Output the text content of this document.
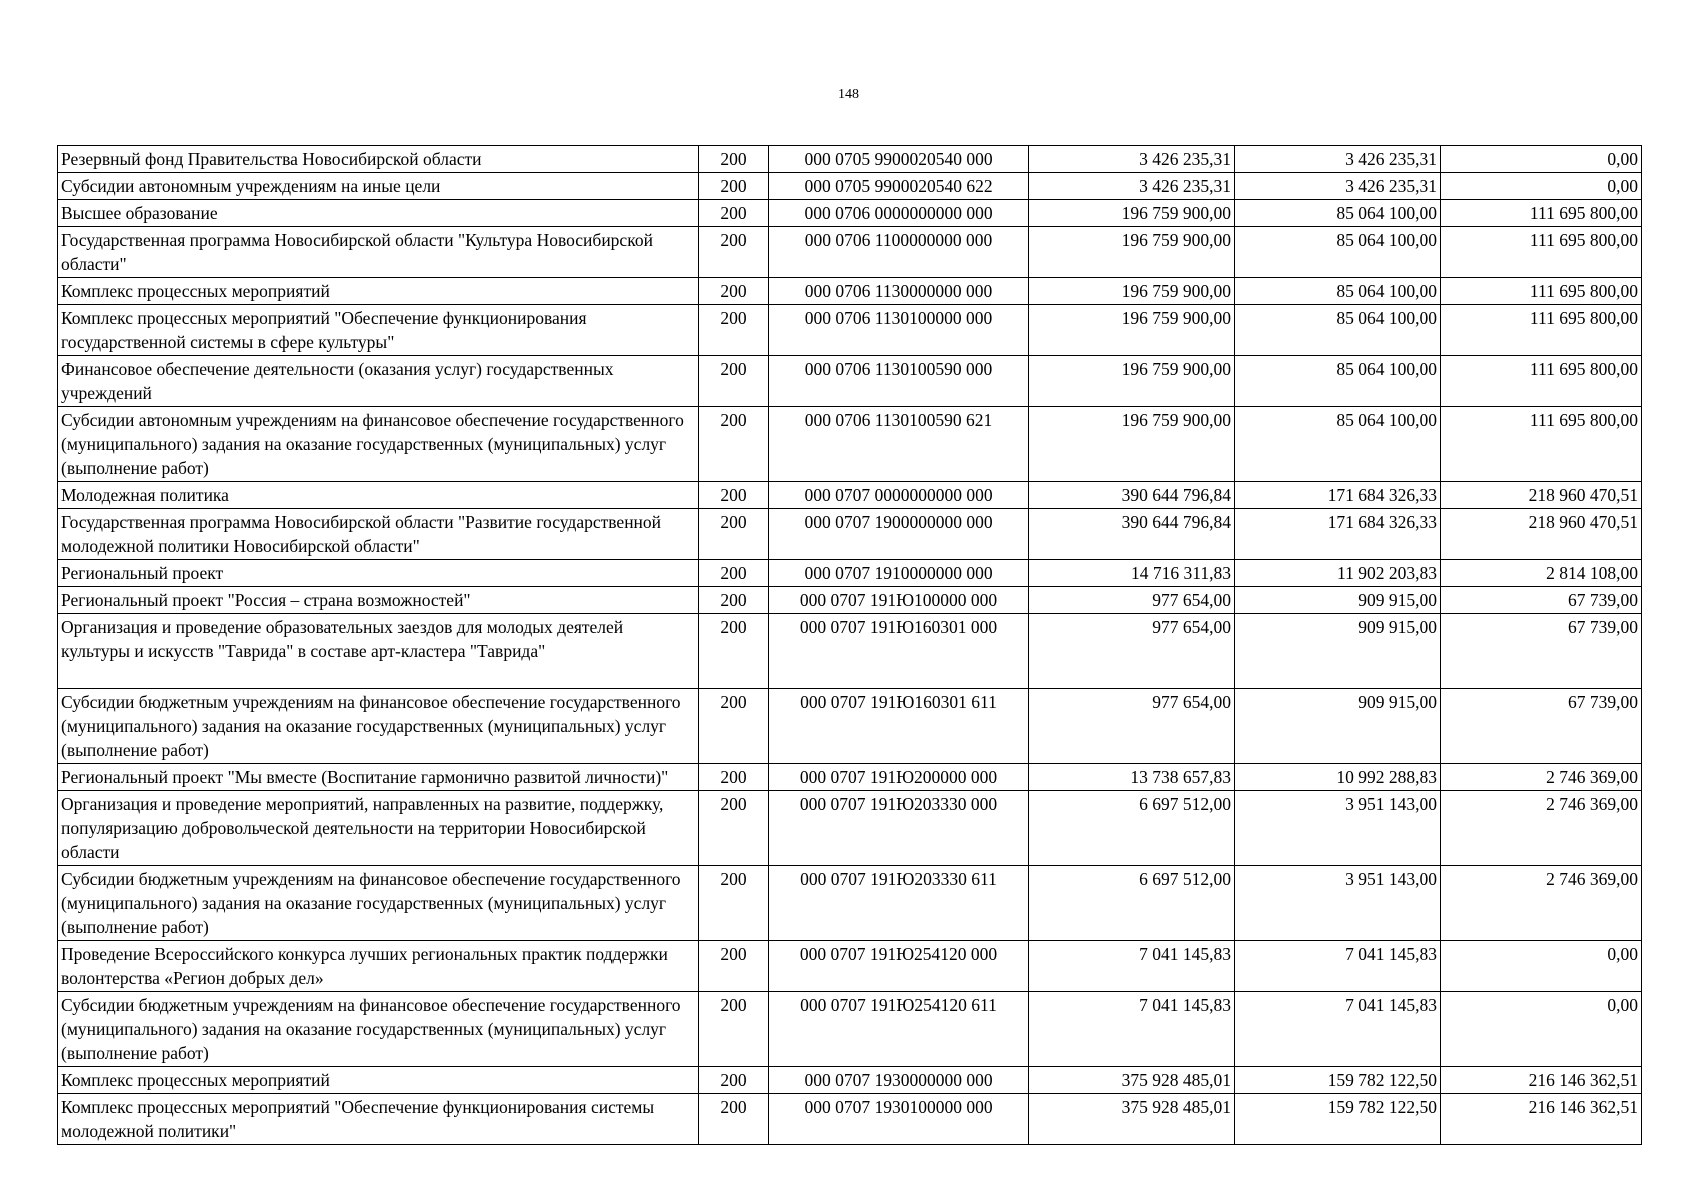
148
Резервный фонд Правительства Новосибирской области	200	000 0705 9900020540 000	3 426 235,31	3 426 235,31	0,00
Субсидии автономным учреждениям на иные цели	200	000 0705 9900020540 622	3 426 235,31	3 426 235,31	0,00
Высшее образование	200	000 0706 0000000000 000	196 759 900,00	85 064 100,00	111 695 800,00
Государственная программа Новосибирской области "Культура Новосибирской области"	200	000 0706 1100000000 000	196 759 900,00	85 064 100,00	111 695 800,00
Комплекс процессных мероприятий	200	000 0706 1130000000 000	196 759 900,00	85 064 100,00	111 695 800,00
Комплекс процессных мероприятий "Обеспечение функционирования государственной системы в сфере культуры"	200	000 0706 1130100000 000	196 759 900,00	85 064 100,00	111 695 800,00
Финансовое обеспечение деятельности (оказания услуг) государственных учреждений	200	000 0706 1130100590 000	196 759 900,00	85 064 100,00	111 695 800,00
Субсидии автономным учреждениям на финансовое обеспечение государственного (муниципального) задания на оказание государственных (муниципальных) услуг (выполнение работ)	200	000 0706 1130100590 621	196 759 900,00	85 064 100,00	111 695 800,00
Молодежная политика	200	000 0707 0000000000 000	390 644 796,84	171 684 326,33	218 960 470,51
Государственная программа Новосибирской области "Развитие государственной молодежной политики Новосибирской области"	200	000 0707 1900000000 000	390 644 796,84	171 684 326,33	218 960 470,51
Региональный проект	200	000 0707 1910000000 000	14 716 311,83	11 902 203,83	2 814 108,00
Региональный проект "Россия – страна возможностей"	200	000 0707 191Ю100000 000	977 654,00	909 915,00	67 739,00
Организация и проведение образовательных заездов для молодых деятелей культуры и искусств "Таврида" в составе арт-кластера "Таврида"	200	000 0707 191Ю160301 000	977 654,00	909 915,00	67 739,00
Субсидии бюджетным учреждениям на финансовое обеспечение государственного (муниципального) задания на оказание государственных (муниципальных) услуг (выполнение работ)	200	000 0707 191Ю160301 611	977 654,00	909 915,00	67 739,00
Региональный проект "Мы вместе (Воспитание гармонично развитой личности)"	200	000 0707 191Ю200000 000	13 738 657,83	10 992 288,83	2 746 369,00
Организация и проведение мероприятий, направленных на развитие, поддержку, популяризацию добровольческой деятельности на территории Новосибирской области	200	000 0707 191Ю203330 000	6 697 512,00	3 951 143,00	2 746 369,00
Субсидии бюджетным учреждениям на финансовое обеспечение государственного (муниципального) задания на оказание государственных (муниципальных) услуг (выполнение работ)	200	000 0707 191Ю203330 611	6 697 512,00	3 951 143,00	2 746 369,00
Проведение Всероссийского конкурса лучших региональных практик поддержки волонтерства «Регион добрых дел»	200	000 0707 191Ю254120 000	7 041 145,83	7 041 145,83	0,00
Субсидии бюджетным учреждениям на финансовое обеспечение государственного (муниципального) задания на оказание государственных (муниципальных) услуг (выполнение работ)	200	000 0707 191Ю254120 611	7 041 145,83	7 041 145,83	0,00
Комплекс процессных мероприятий	200	000 0707 1930000000 000	375 928 485,01	159 782 122,50	216 146 362,51
Комплекс процессных мероприятий "Обеспечение функционирования системы молодежной политики"	200	000 0707 1930100000 000	375 928 485,01	159 782 122,50	216 146 362,51
